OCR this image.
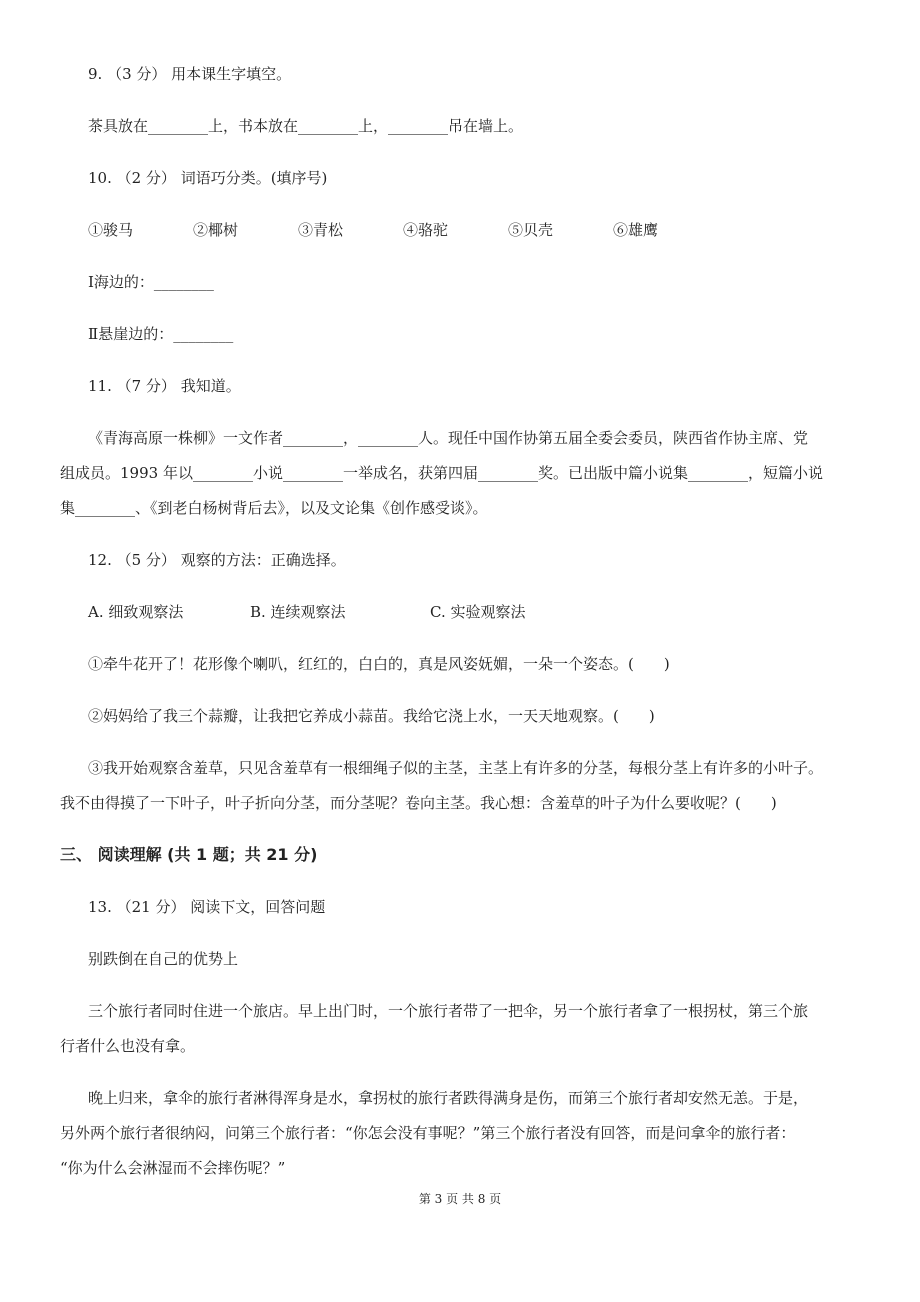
9. （3 分） 用本课生字填空。
茶具放在________上，书本放在________上，________吊在墙上。
10. （2 分） 词语巧分类。(填序号)
①骏马	②椰树	③青松	④骆驼	⑤贝壳	⑥雄鹰
Ⅰ海边的：________
Ⅱ悬崖边的：________
11. （7 分） 我知道。
《青海高原一株柳》一文作者________，________人。现任中国作协第五届全委会委员，陕西省作协主席、党
组成员。1993 年以________小说________一举成名，获第四届________奖。已出版中篇小说集________，短篇小说
集________、《到老白杨树背后去》，以及文论集《创作感受谈》。
12. （5 分） 观察的方法：正确选择。
A. 细致观察法	B. 连续观察法	C. 实验观察法
①牵牛花开了！花形像个喇叭，红红的，白白的，真是风姿妩媚，一朵一个姿态。(　　)
②妈妈给了我三个蒜瓣，让我把它养成小蒜苗。我给它浇上水，一天天地观察。(　　)
③我开始观察含羞草，只见含羞草有一根细绳子似的主茎，主茎上有许多的分茎，每根分茎上有许多的小叶子。
我不由得摸了一下叶子，叶子折向分茎，而分茎呢？卷向主茎。我心想：含羞草的叶子为什么要收呢？(　　)
三、 阅读理解 (共 1 题；共 21 分)
13. （21 分） 阅读下文，回答问题
别跌倒在自己的优势上
三个旅行者同时住进一个旅店。早上出门时，一个旅行者带了一把伞，另一个旅行者拿了一根拐杖，第三个旅
行者什么也没有拿。
晚上归来，拿伞的旅行者淋得浑身是水，拿拐杖的旅行者跌得满身是伤，而第三个旅行者却安然无恙。于是，
另外两个旅行者很纳闷，问第三个旅行者：“你怎会没有事呢？”第三个旅行者没有回答，而是问拿伞的旅行者：
“你为什么会淋湿而不会摔伤呢？”
第 3 页 共 8 页
